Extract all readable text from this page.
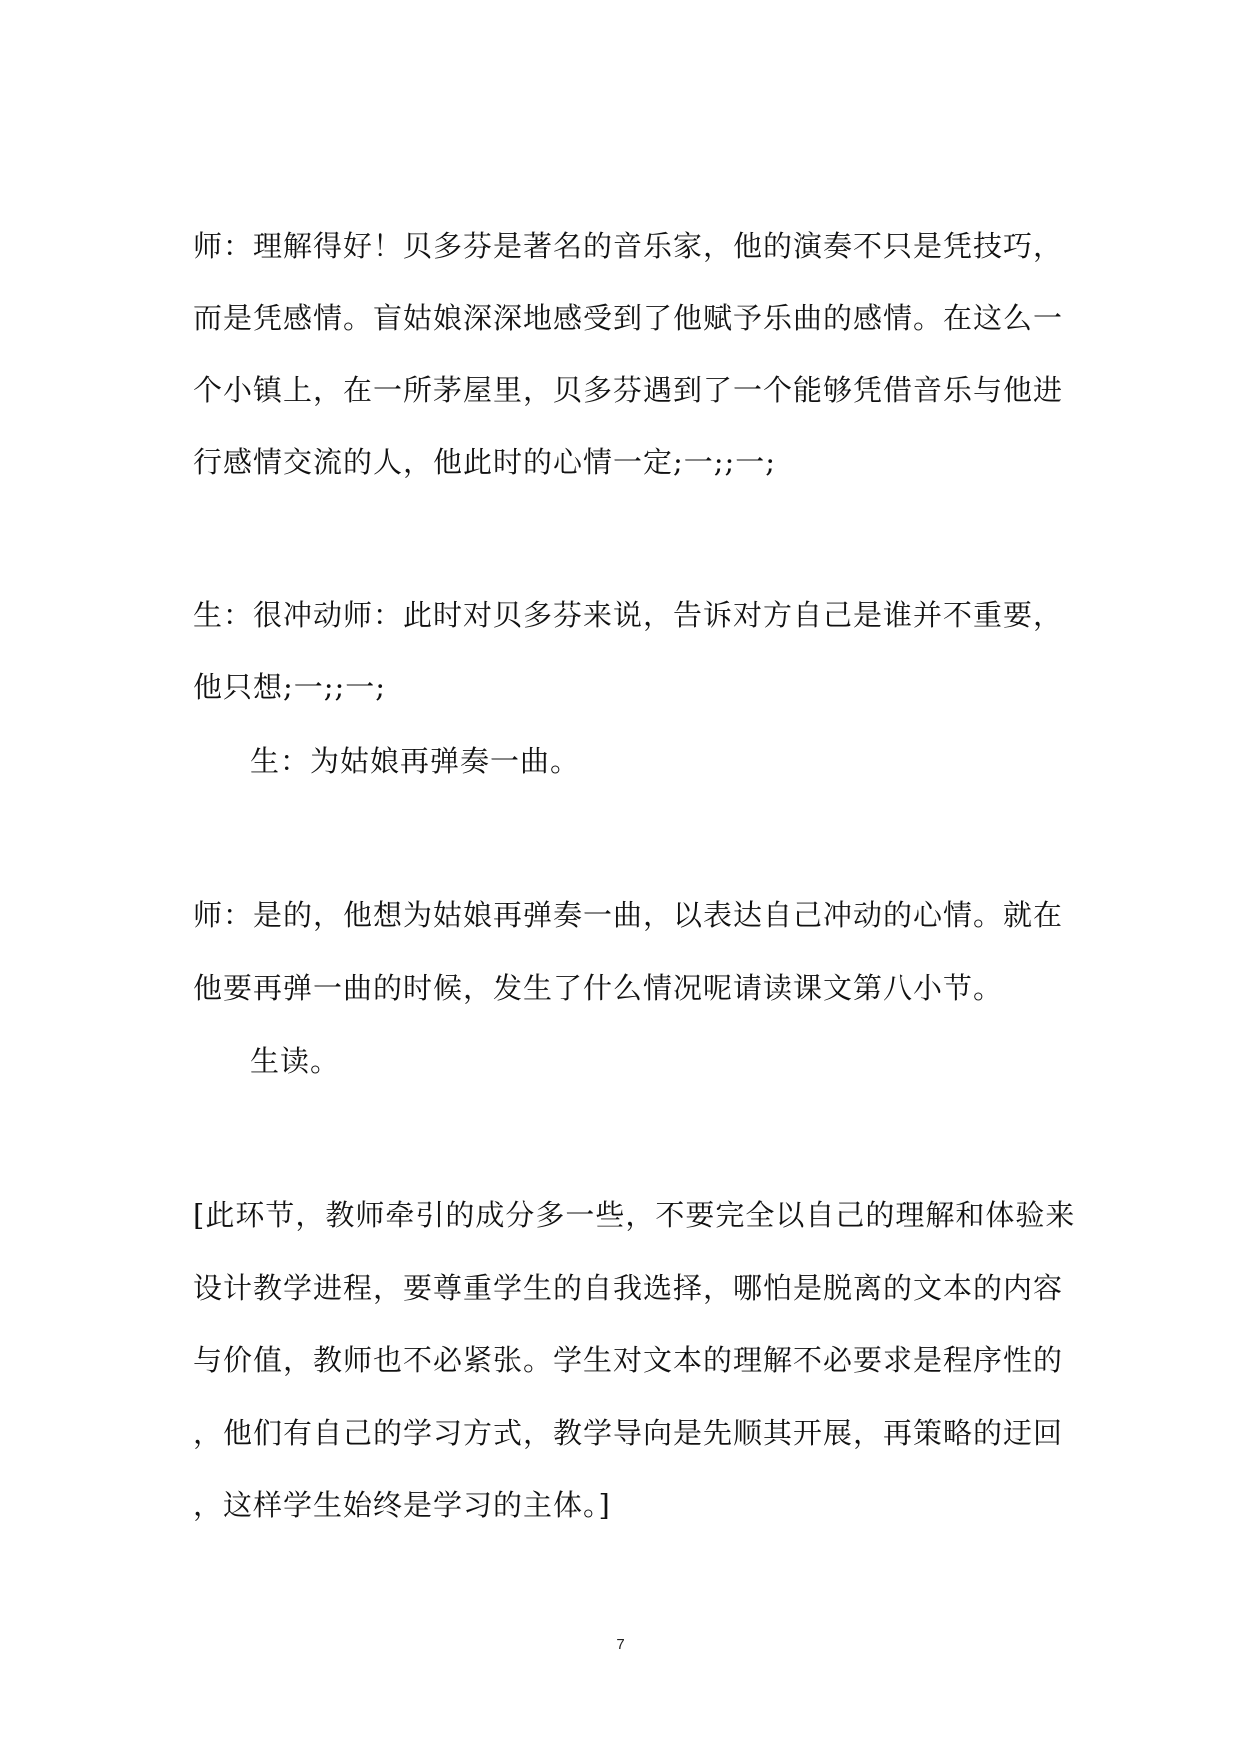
师：理解得好！贝多芬是著名的音乐家，他的演奏不只是凭技巧，
而是凭感情。盲姑娘深深地感受到了他赋予乐曲的感情。在这么一
个小镇上，在一所茅屋里，贝多芬遇到了一个能够凭借音乐与他进
行感情交流的人，他此时的心情一定;一;;一;
生：很冲动师：此时对贝多芬来说，告诉对方自己是谁并不重要，
他只想;一;;一;
生：为姑娘再弹奏一曲。
师：是的，他想为姑娘再弹奏一曲，以表达自己冲动的心情。就在
他要再弹一曲的时候，发生了什么情况呢请读课文第八小节。
生读。
[此环节，教师牵引的成分多一些，不要完全以自己的理解和体验来
设计教学进程，要尊重学生的自我选择，哪怕是脱离的文本的内容
与价值，教师也不必紧张。学生对文本的理解不必要求是程序性的
，他们有自己的学习方式，教学导向是先顺其开展，再策略的迂回
，这样学生始终是学习的主体。]
7
